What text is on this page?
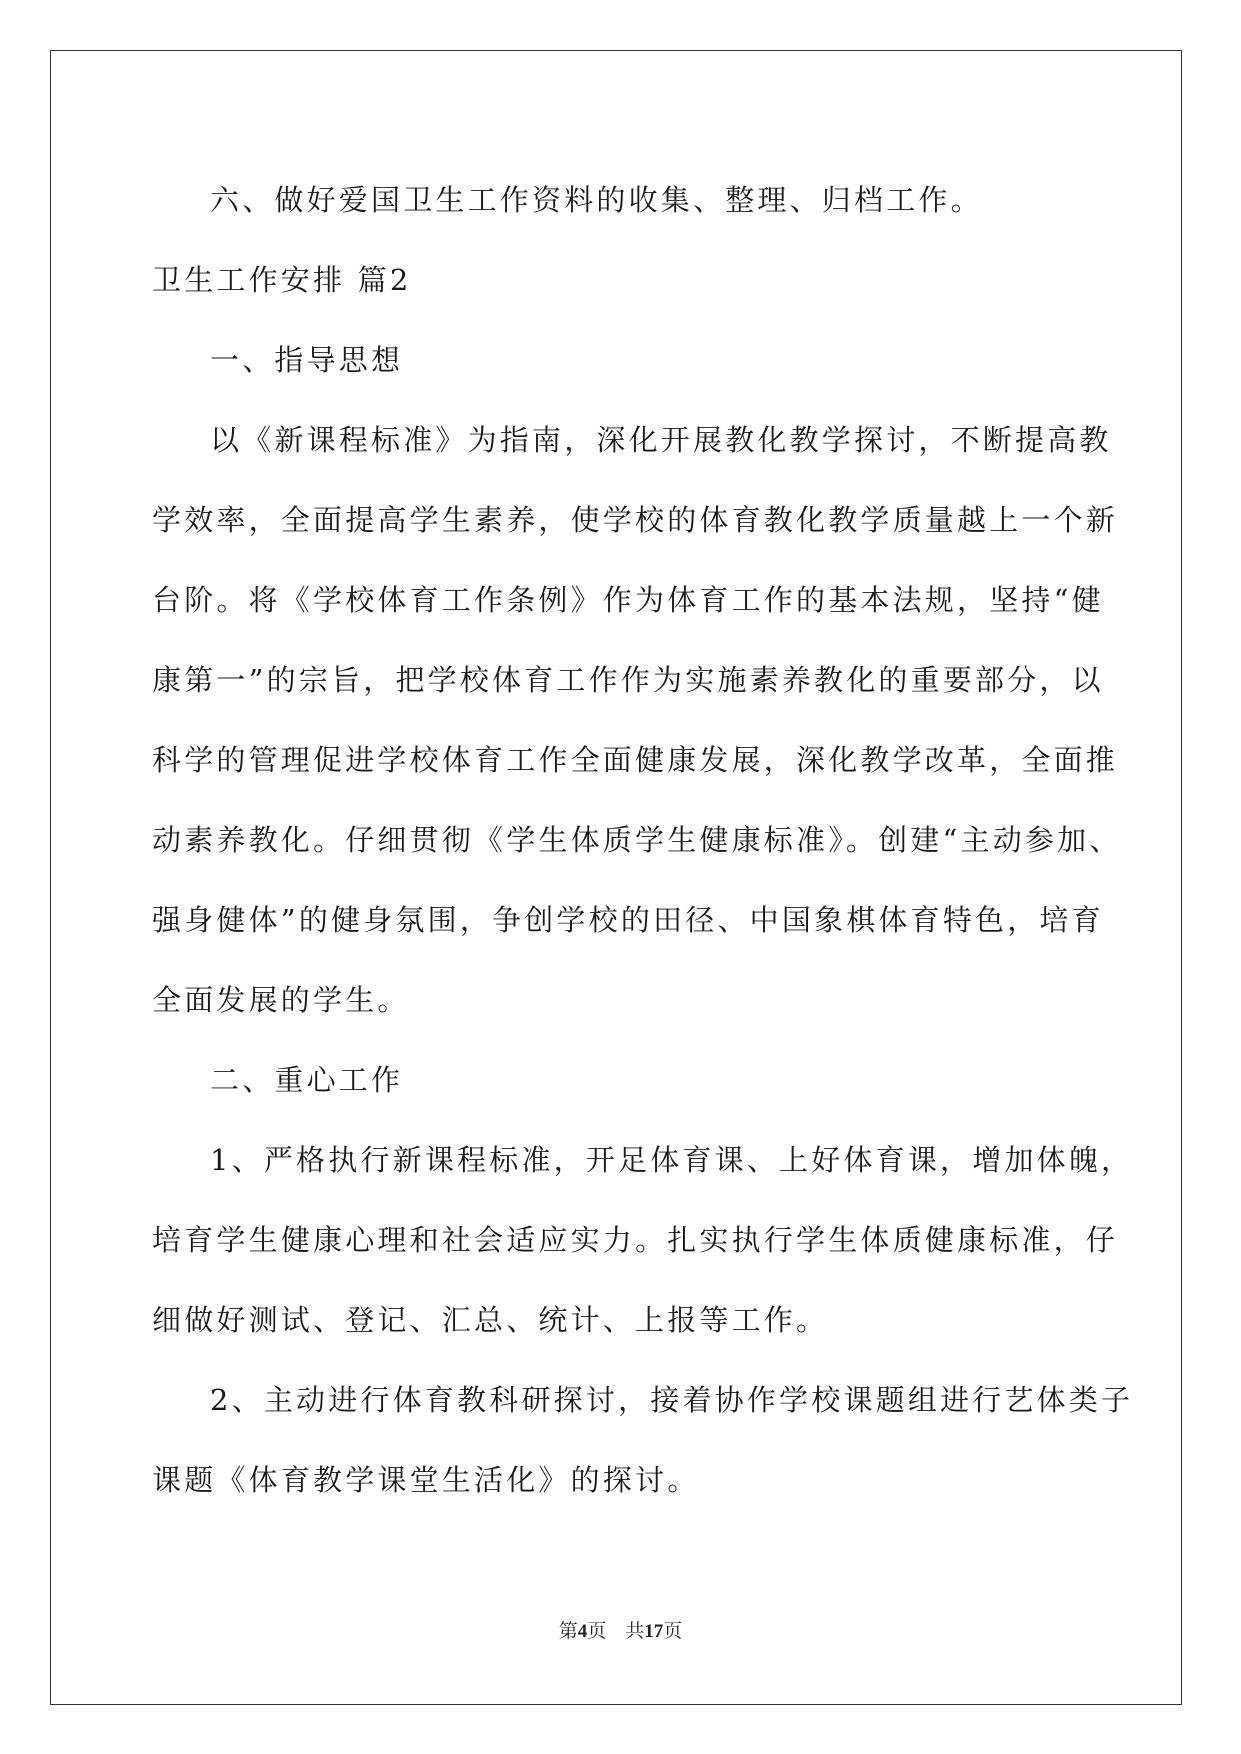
六、做好爱国卫生工作资料的收集、整理、归档工作。

卫生工作安排 篇2

一、指导思想

以《新课程标准》为指南，深化开展教化教学探讨，不断提高教

学效率，全面提高学生素养，使学校的体育教化教学质量越上一个新

台阶。将《学校体育工作条例》作为体育工作的基本法规，坚持“健

康第一”的宗旨，把学校体育工作作为实施素养教化的重要部分，以

科学的管理促进学校体育工作全面健康发展，深化教学改革，全面推

动素养教化。仔细贯彻《学生体质学生健康标准》。创建“主动参加、

强身健体”的健身氛围，争创学校的田径、中国象棋体育特色，培育

全面发展的学生。

二、重心工作

1、严格执行新课程标准，开足体育课、上好体育课，增加体魄，

培育学生健康心理和社会适应实力。扎实执行学生体质健康标准，仔

细做好测试、登记、汇总、统计、上报等工作。

2、主动进行体育教科研探讨，接着协作学校课题组进行艺体类子

课题《体育教学课堂生活化》的探讨。

第4页 共17页
